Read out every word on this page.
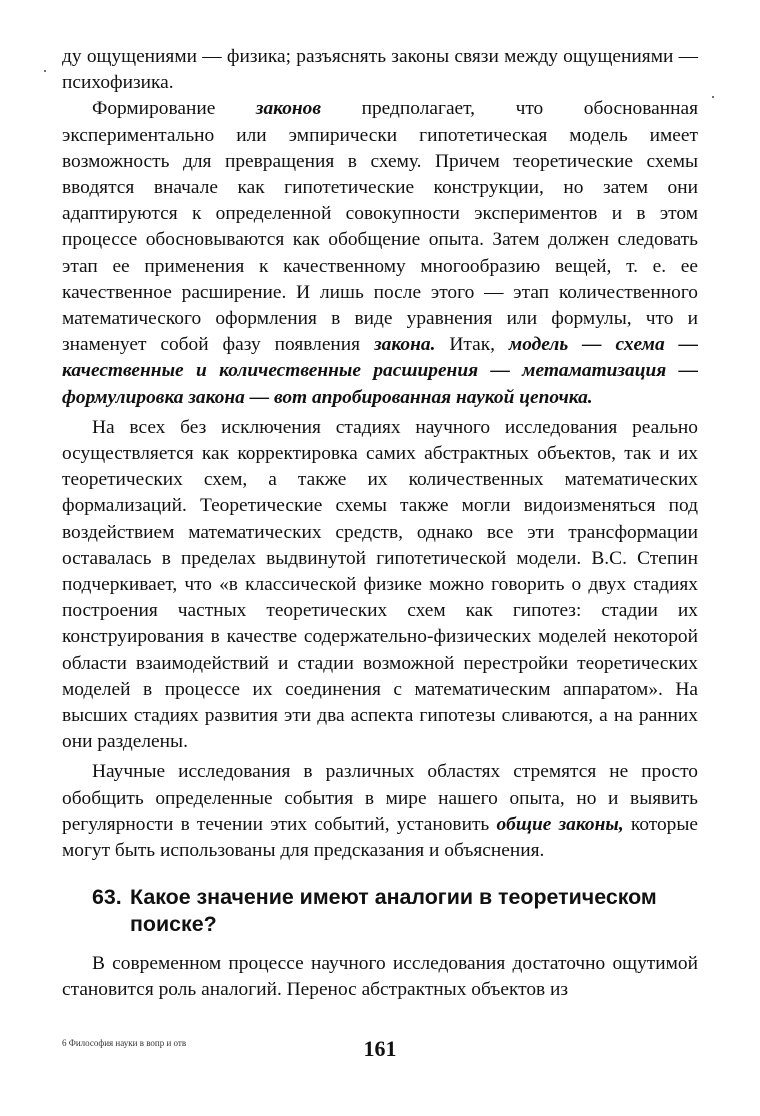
ду ощущениями — физика; разъяснять законы связи между ощущениями — психофизика.

Формирование законов предполагает, что обоснованная экспериментально или эмпирически гипотетическая модель имеет возможность для превращения в схему. Причем теоретические схемы вводятся вначале как гипотетические конструкции, но затем они адаптируются к определенной совокупности экспериментов и в этом процессе обосновываются как обобщение опыта. Затем должен следовать этап ее применения к качественному многообразию вещей, т. е. ее качественное расширение. И лишь после этого — этап количественного математического оформления в виде уравнения или формулы, что и знаменует собой фазу появления закона. Итак, модель — схема — качественные и количественные расширения — метаматизация — формулировка закона — вот апробированная наукой цепочка.

На всех без исключения стадиях научного исследования реально осуществляется как корректировка самих абстрактных объектов, так и их теоретических схем, а также их количественных математических формализаций. Теоретические схемы также могли видоизменяться под воздействием математических средств, однако все эти трансформации оставалась в пределах выдвинутой гипотетической модели. В.С. Степин подчеркивает, что «в классической физике можно говорить о двух стадиях построения частных теоретических схем как гипотез: стадии их конструирования в качестве содержательно-физических моделей некоторой области взаимодействий и стадии возможной перестройки теоретических моделей в процессе их соединения с математическим аппаратом». На высших стадиях развития эти два аспекта гипотезы сливаются, а на ранних они разделены.

Научные исследования в различных областях стремятся не просто обобщить определенные события в мире нашего опыта, но и выявить регулярности в течении этих событий, установить общие законы, которые могут быть использованы для предсказания и объяснения.

63. Какое значение имеют аналогии в теоретическом
поиске?

В современном процессе научного исследования достаточно ощутимой становится роль аналогий. Перенос абстрактных объектов из

6 Философия науки в вопр и отв	161
